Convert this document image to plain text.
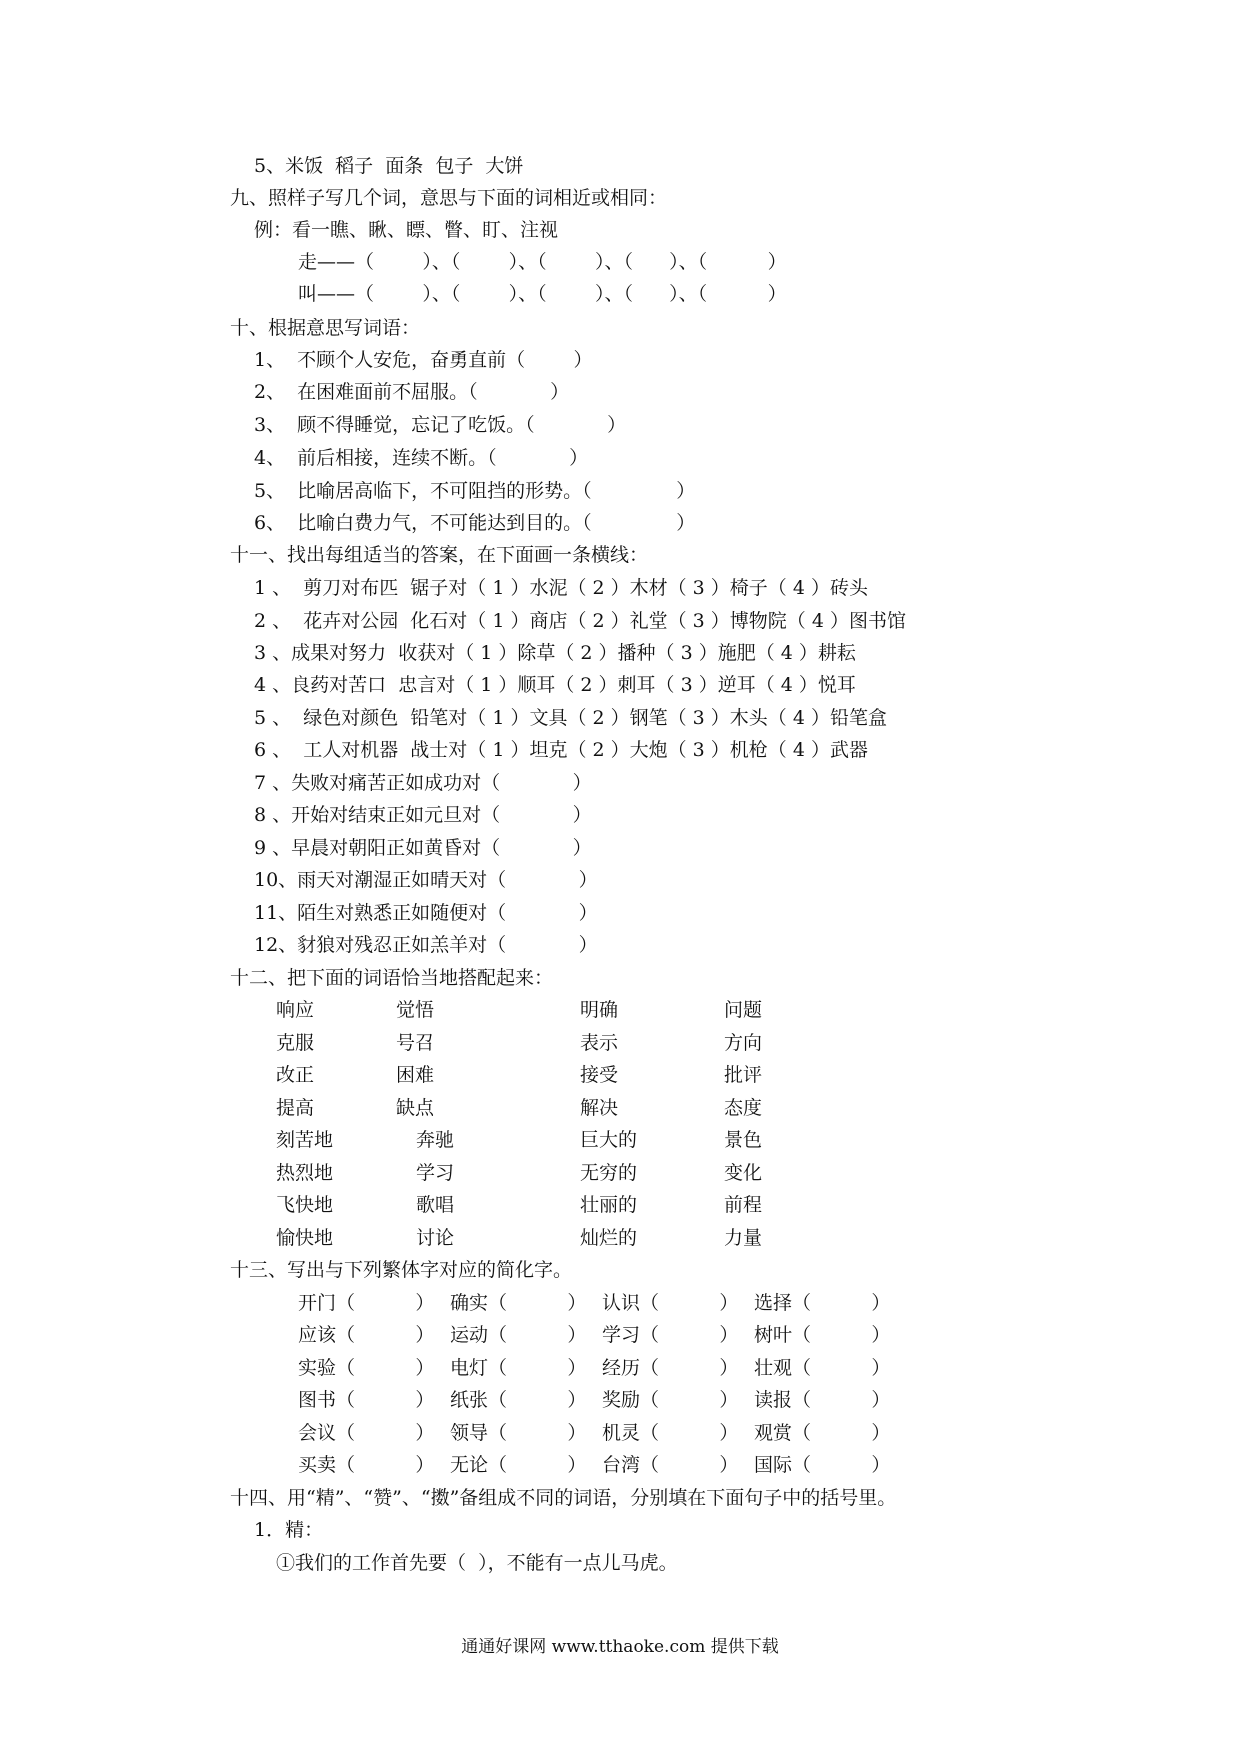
5、米饭  稻子  面条  包子  大饼
九、照样子写几个词，意思与下面的词相近或相同：
例：看一瞧、瞅、瞟、瞥、盯、注视
走——（        ）、（        ）、（        ）、（      ）、（          ）
叫——（        ）、（        ）、（        ）、（      ）、（          ）
十、根据意思写词语：
1、  不顾个人安危，奋勇直前（        ）
2、  在困难面前不屈服。（            ）
3、  顾不得睡觉，忘记了吃饭。（            ）
4、  前后相接，连续不断。（            ）
5、  比喻居高临下，不可阻挡的形势。（              ）
6、  比喻白费力气，不可能达到目的。（              ）
十一、找出每组适当的答案，在下面画一条横线：
1 、  剪刀对布匹  锯子对（ 1 ）水泥（ 2 ）木材（ 3 ）椅子（ 4 ）砖头
2 、  花卉对公园  化石对（ 1 ）商店（ 2 ）礼堂（ 3 ）博物院（ 4 ）图书馆
3 、成果对努力  收获对（ 1 ）除草（ 2 ）播种（ 3 ）施肥（ 4 ）耕耘
4 、良药对苦口  忠言对（ 1 ）顺耳（ 2 ）刺耳（ 3 ）逆耳（ 4 ）悦耳
5 、  绿色对颜色  铅笔对（ 1 ）文具（ 2 ）钢笔（ 3 ）木头（ 4 ）铅笔盒
6 、  工人对机器  战士对（ 1 ）坦克（ 2 ）大炮（ 3 ）机枪（ 4 ）武器
7 、失败对痛苦正如成功对（            ）
8 、开始对结束正如元旦对（            ）
9 、早晨对朝阳正如黄昏对（            ）
10、雨天对潮湿正如晴天对（            ）
11、陌生对熟悉正如随便对（            ）
12、豺狼对残忍正如羔羊对（            ）
十二、把下面的词语恰当地搭配起来：
响应	觉悟	明确	问题
克服	号召	表示	方向
改正	困难	接受	批评
提高	缺点	解决	态度
刻苦地	奔驰	巨大的	景色
热烈地	学习	无穷的	变化
飞快地	歌唱	壮丽的	前程
愉快地	讨论	灿烂的	力量
十三、写出与下列繁体字对应的简化字。
开门（          ） 确实（          ） 认识（          ） 选择（          ）
应该（          ） 运动（          ） 学习（          ） 树叶（          ）
实验（          ） 电灯（          ） 经历（          ） 壮观（          ）
图书（          ） 纸张（          ） 奖励（          ） 读报（          ）
会议（          ） 领导（          ） 机灵（          ） 观赏（          ）
买卖（          ） 无论（          ） 台湾（          ） 国际（          ）
十四、用“精”、“赞”、“擞”备组成不同的词语，分别填在下面句子中的括号里。
1．精：
①我们的工作首先要（  ），不能有一点儿马虎。
通通好课网 www.tthaoke.com 提供下载
